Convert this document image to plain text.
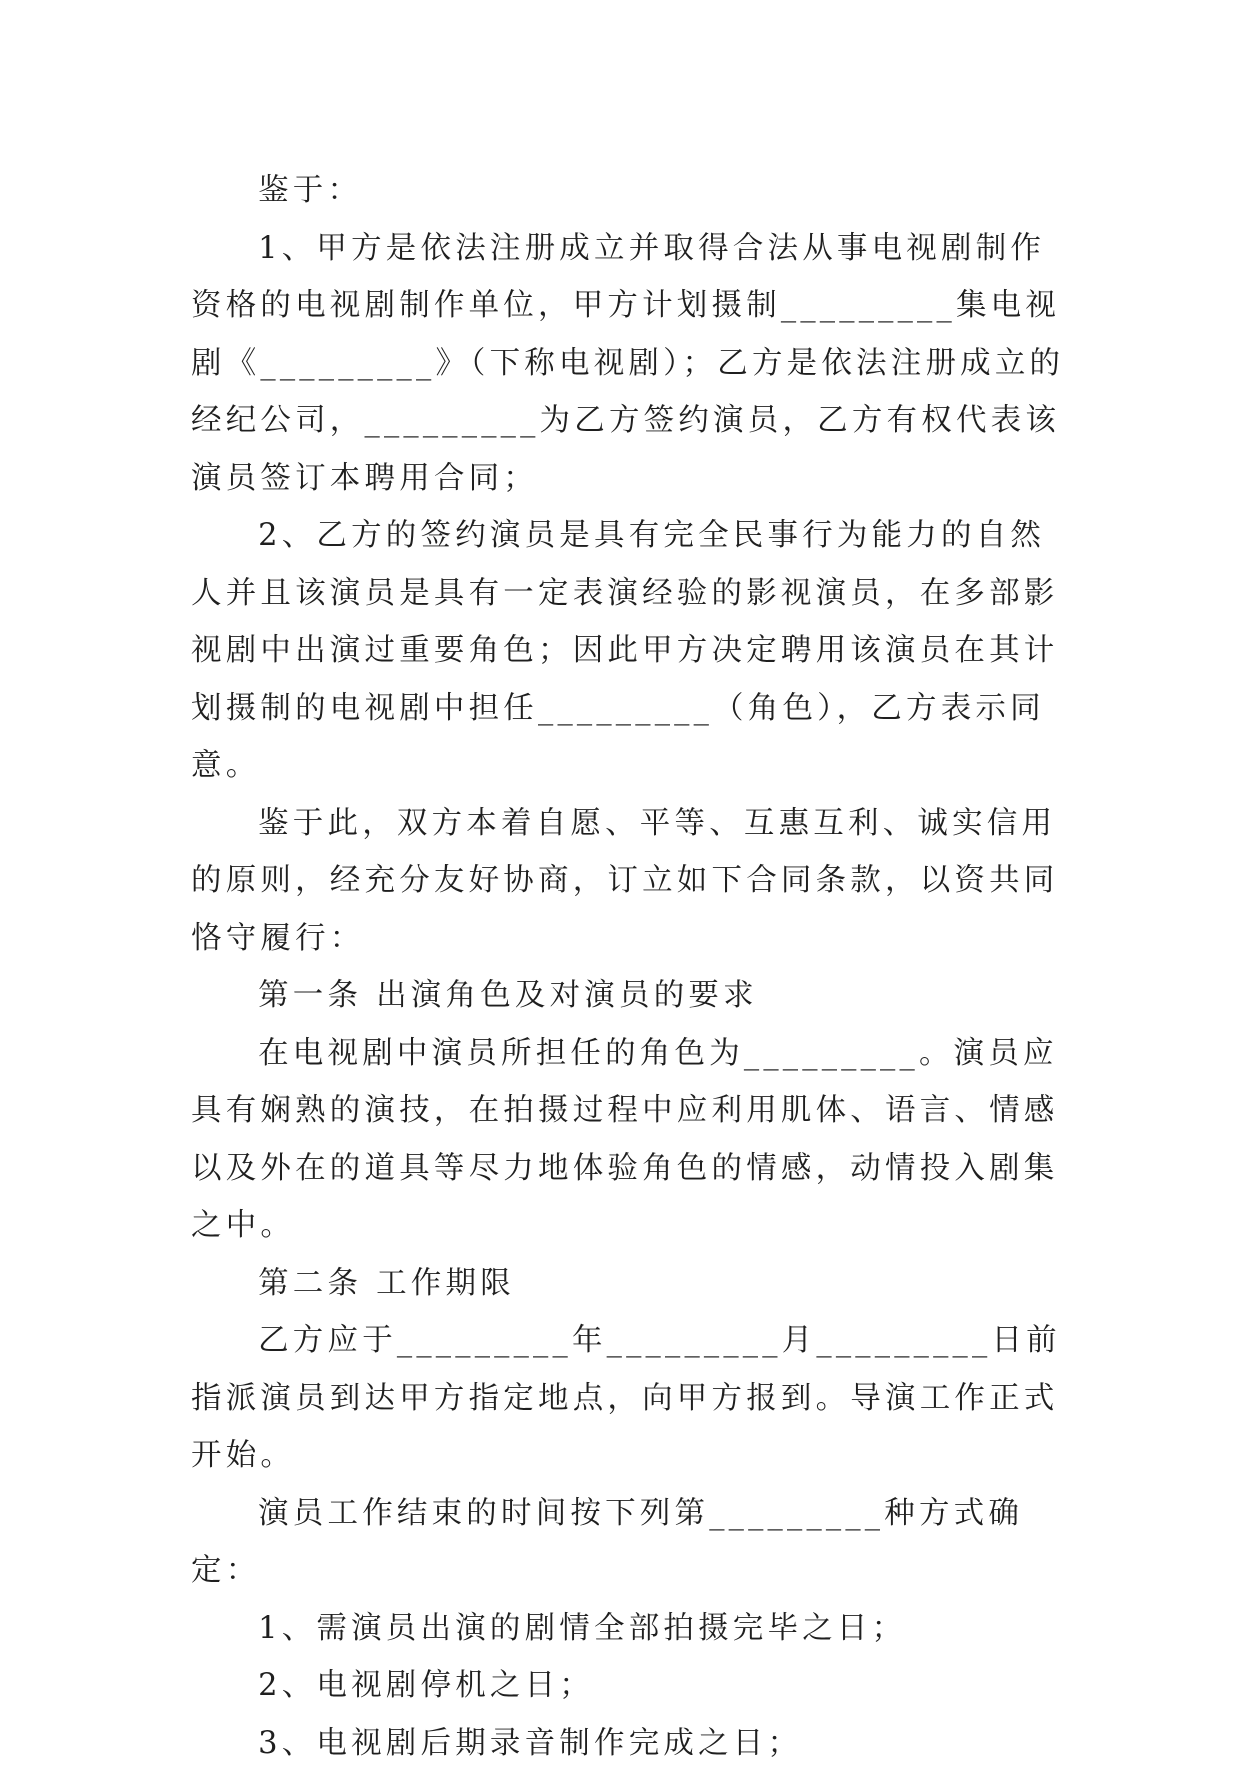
鉴于：

1、甲方是依法注册成立并取得合法从事电视剧制作资格的电视剧制作单位，甲方计划摄制_________集电视剧《_________》（下称电视剧）；乙方是依法注册成立的经纪公司，_________为乙方签约演员，乙方有权代表该演员签订本聘用合同；

2、乙方的签约演员是具有完全民事行为能力的自然人并且该演员是具有一定表演经验的影视演员，在多部影视剧中出演过重要角色；因此甲方决定聘用该演员在其计划摄制的电视剧中担任_________（角色），乙方表示同意。

鉴于此，双方本着自愿、平等、互惠互利、诚实信用的原则，经充分友好协商，订立如下合同条款，以资共同恪守履行：

第一条 出演角色及对演员的要求

在电视剧中演员所担任的角色为_________。演员应具有娴熟的演技，在拍摄过程中应利用肌体、语言、情感以及外在的道具等尽力地体验角色的情感，动情投入剧集之中。

第二条 工作期限

乙方应于_________年_________月_________日前指派演员到达甲方指定地点，向甲方报到。导演工作正式开始。

演员工作结束的时间按下列第_________种方式确定：

1、需演员出演的剧情全部拍摄完毕之日；

2、电视剧停机之日；

3、电视剧后期录音制作完成之日；
